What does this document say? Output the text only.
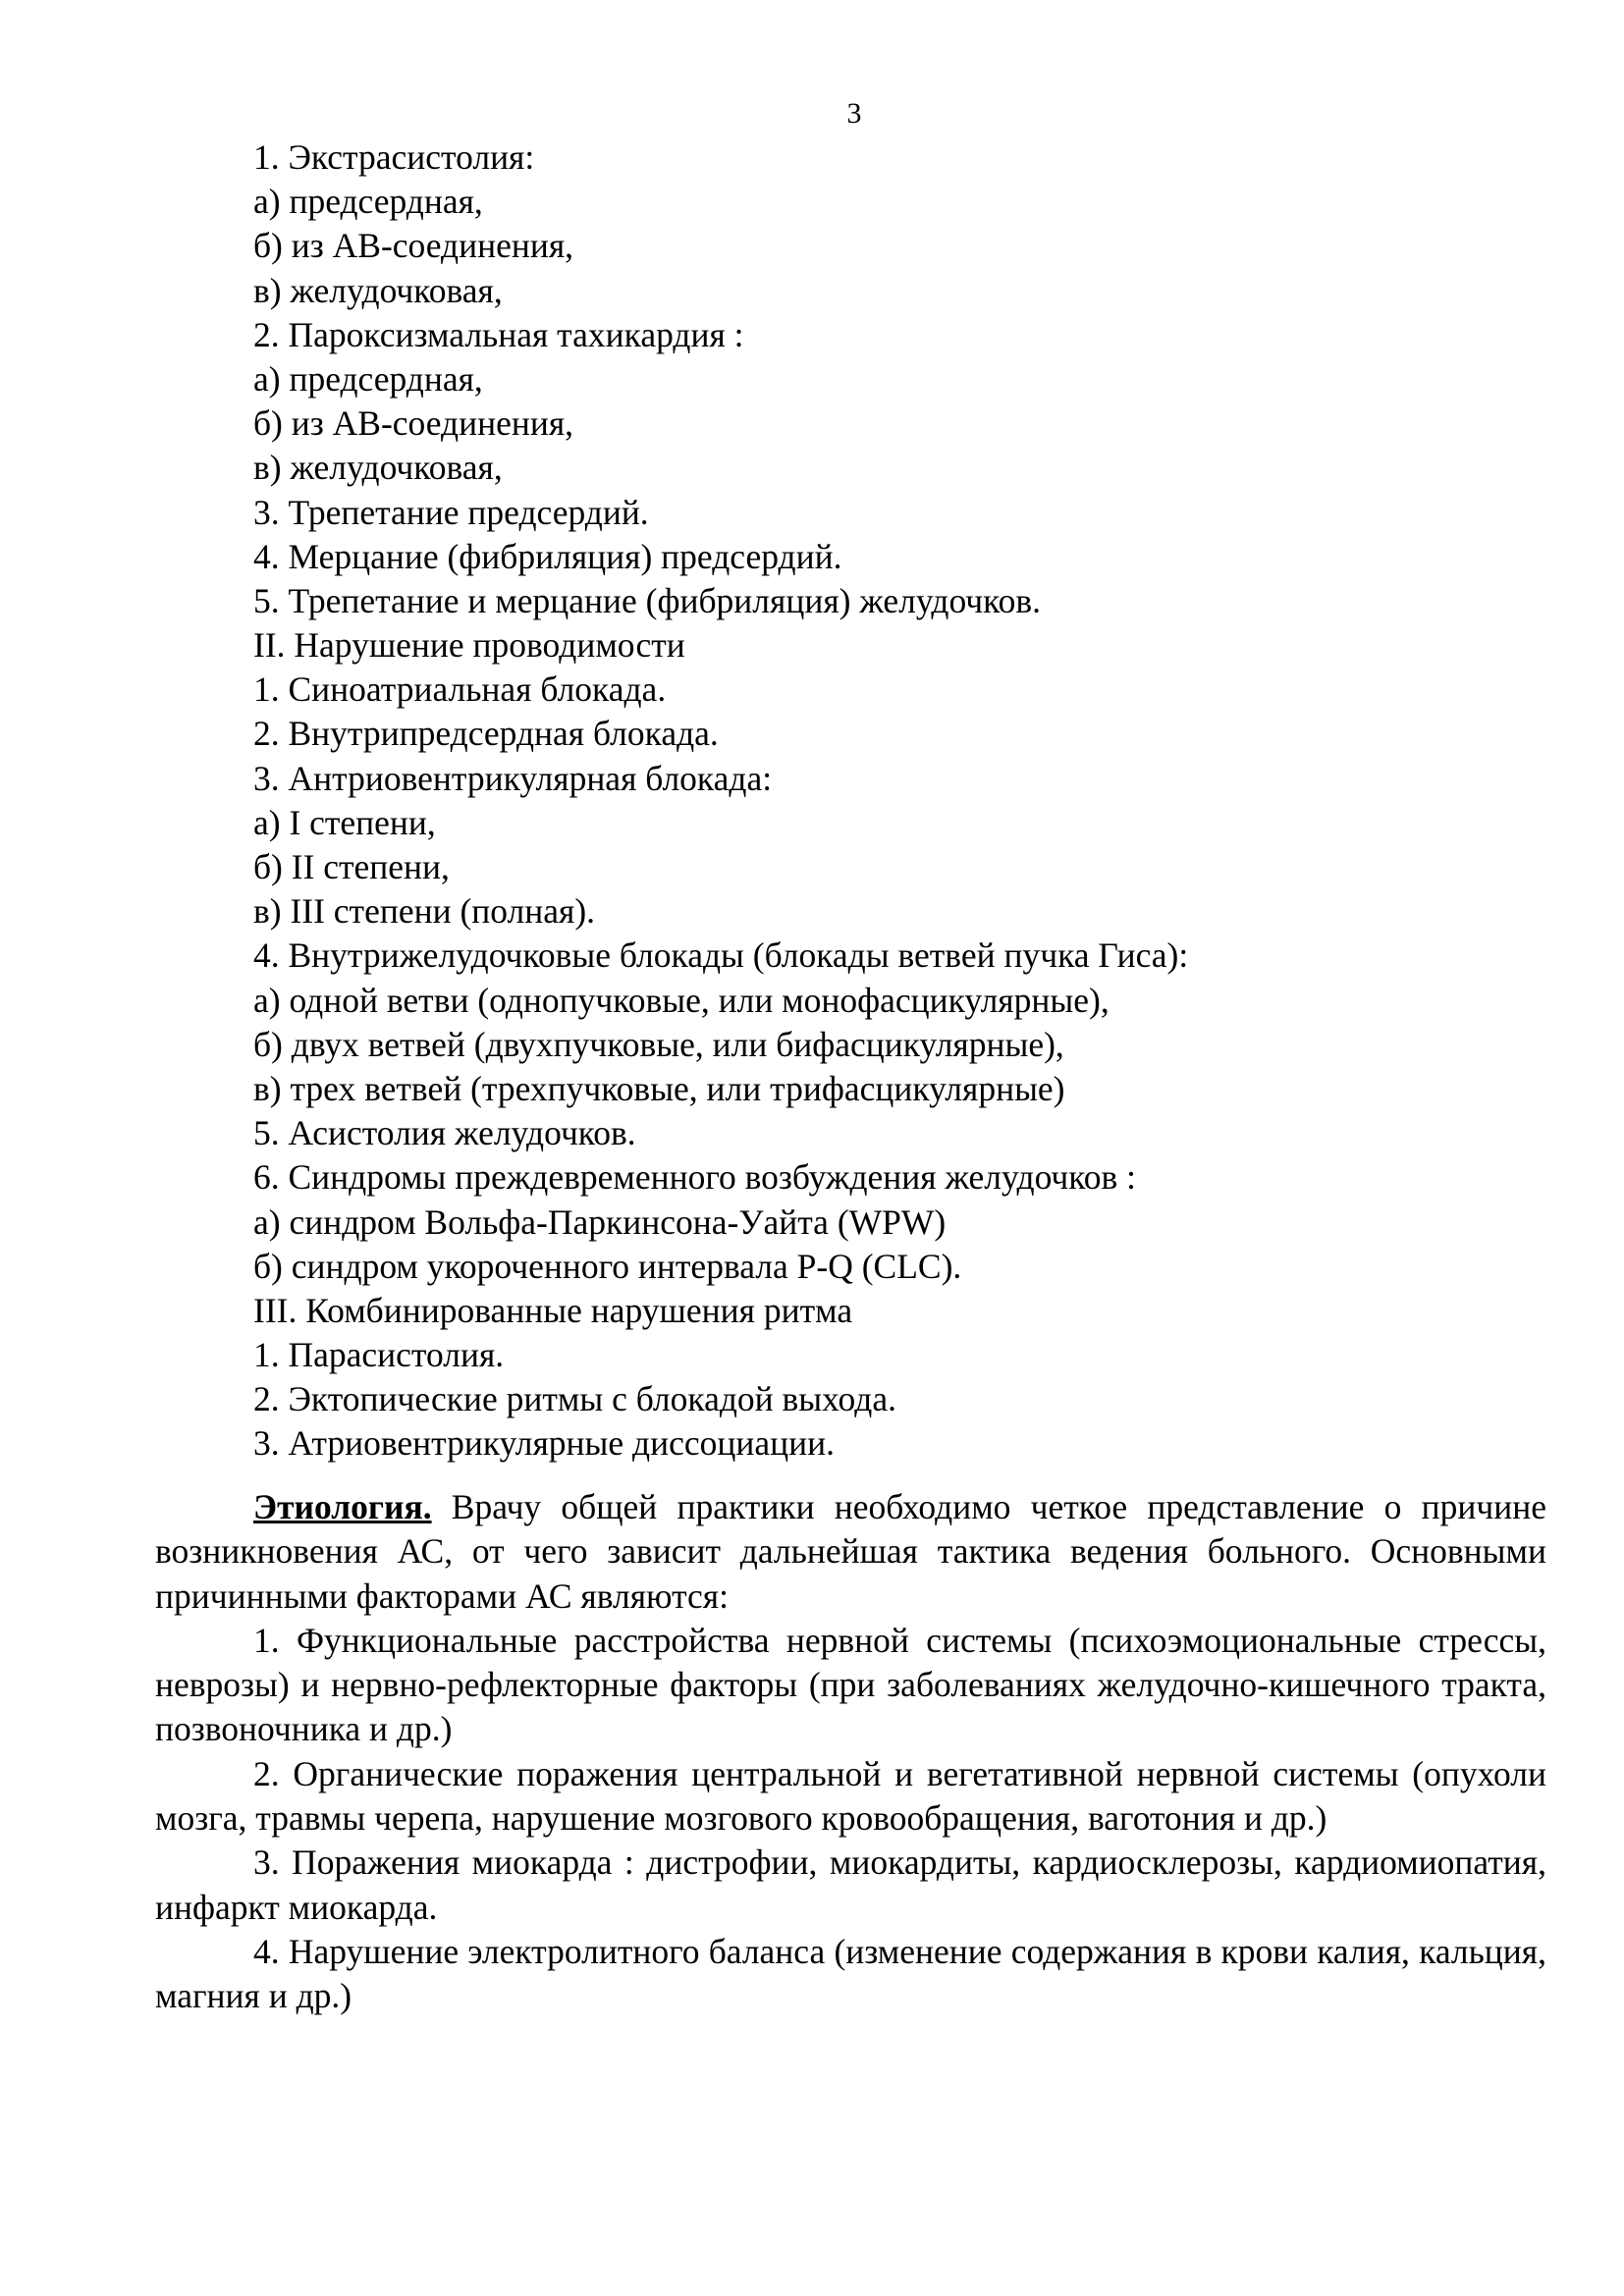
3
1. Экстрасистолия:
а) предсердная,
б) из АВ-соединения,
в) желудочковая,
2. Пароксизмальная тахикардия :
а) предсердная,
б) из АВ-соединения,
в) желудочковая,
3. Трепетание предсердий.
4. Мерцание (фибриляция) предсердий.
5. Трепетание и мерцание (фибриляция) желудочков.
II. Нарушение проводимости
1. Синоатриальная блокада.
2. Внутрипредсердная блокада.
3. Антриовентрикулярная блокада:
а) I степени,
б) II степени,
в) III степени (полная).
4. Внутрижелудочковые блокады (блокады ветвей пучка Гиса):
а) одной ветви (однопучковые, или монофасцикулярные),
б) двух ветвей (двухпучковые, или бифасцикулярные),
в) трех ветвей (трехпучковые, или трифасцикулярные)
5. Асистолия желудочков.
6. Синдромы преждевременного возбуждения желудочков :
а) синдром Вольфа-Паркинсона-Уайта (WPW)
б) синдром укороченного интервала P-Q (CLC).
III. Комбинированные нарушения ритма
1. Парасистолия.
2. Эктопические ритмы с блокадой выхода.
3. Атриовентрикулярные диссоциации.

Этиология. Врачу общей практики необходимо четкое представление о причине возникновения АС, от чего зависит дальнейшая тактика ведения больного. Основными причинными факторами АС являются:

1. Функциональные расстройства нервной системы (психоэмоциональные стрессы, неврозы) и нервно-рефлекторные факторы (при заболеваниях желудочно-кишечного тракта, позвоночника и др.)

2. Органические поражения центральной и вегетативной нервной системы (опухоли мозга, травмы черепа, нарушение мозгового кровообращения, ваготония и др.)

3. Поражения миокарда : дистрофии, миокардиты, кардиосклерозы, кардиомиопатия, инфаркт миокарда.

4. Нарушение электролитного баланса (изменение содержания в крови калия, кальция, магния и др.)
